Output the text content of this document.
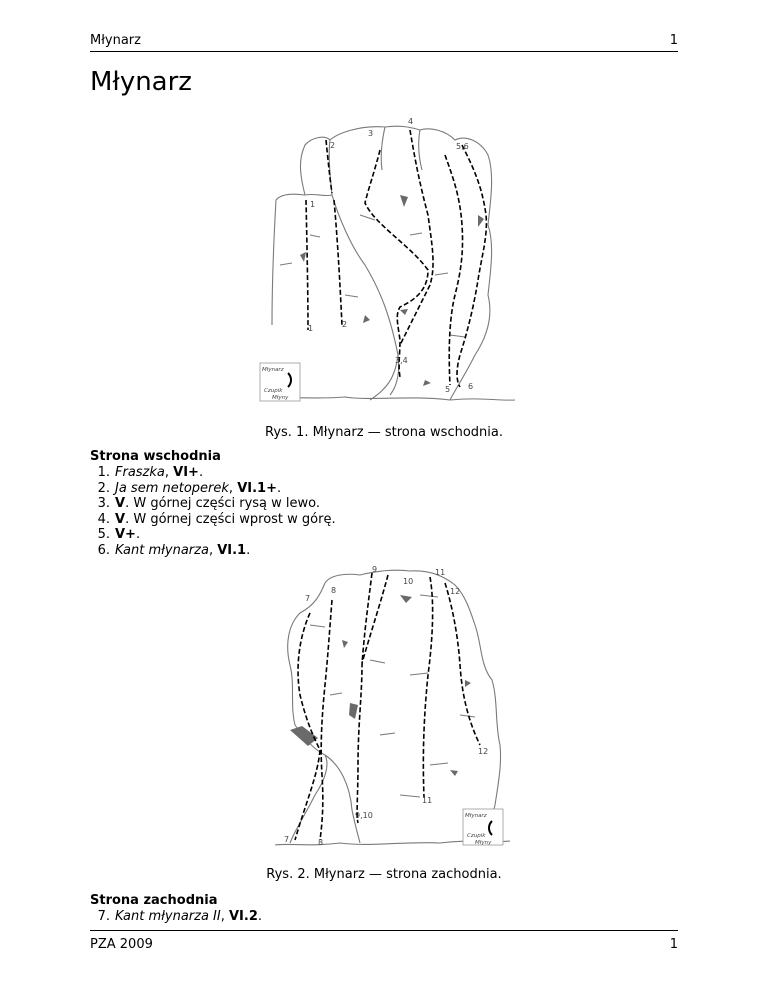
Młynarz	1
Młynarz
4
3
2	5,6
1
1	2
3,4
5 6
Młynarz
Czupik
Młyny
Rys. 1. Młynarz — strona wschodnia.
Strona wschodnia
1. Fraszka, VI+.
2. Ja sem netoperek, VI.1+.
3. V. W górnej części rysą w lewo.
4. V. W górnej części wprost w górę.
5. V+.
6. Kant młynarza, VI.1.
9	11
10
8	12
7
12
11
9,10
7	8
Młynarz
Czupik
Młyny
Rys. 2. Młynarz — strona zachodnia.
Strona zachodnia
7. Kant młynarza II, VI.2.
PZA 2009	1
